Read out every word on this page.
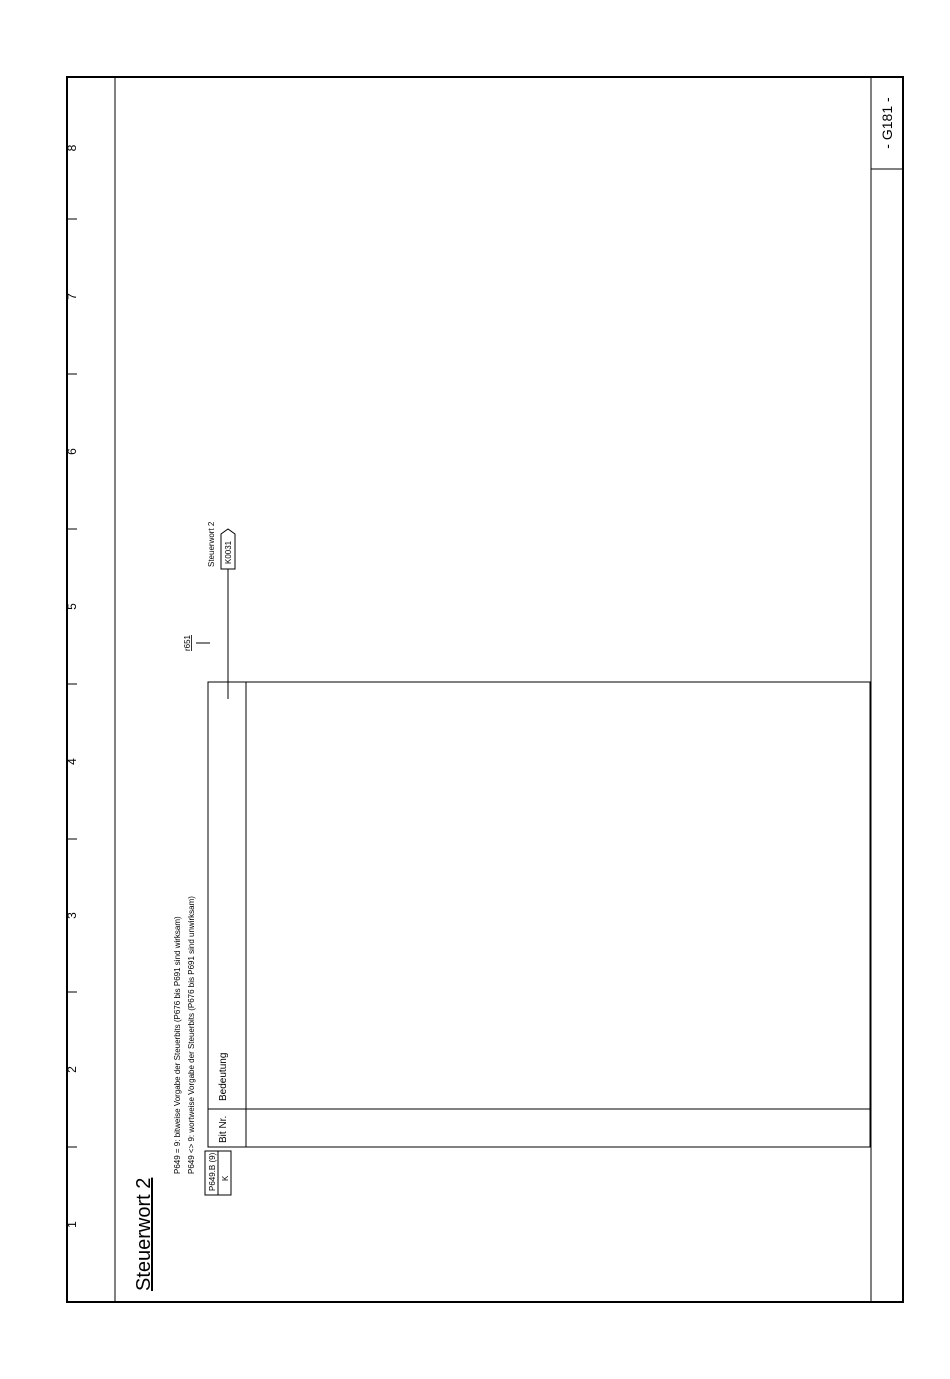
1
2
3
4
5
6
7
8	- G181 -
Steuerwort 2
P649 = 9: bitweise Vorgabe der Steuerbits (P676 bis P691 sind wirksam) P649 <> 9: wortweise Vorgabe der Steuerbits (P676 bis P691 sind unwirksam) P649.B (9) K
Bit Nr.
Bedeutung
r651
Steuerwort 2 K0031
